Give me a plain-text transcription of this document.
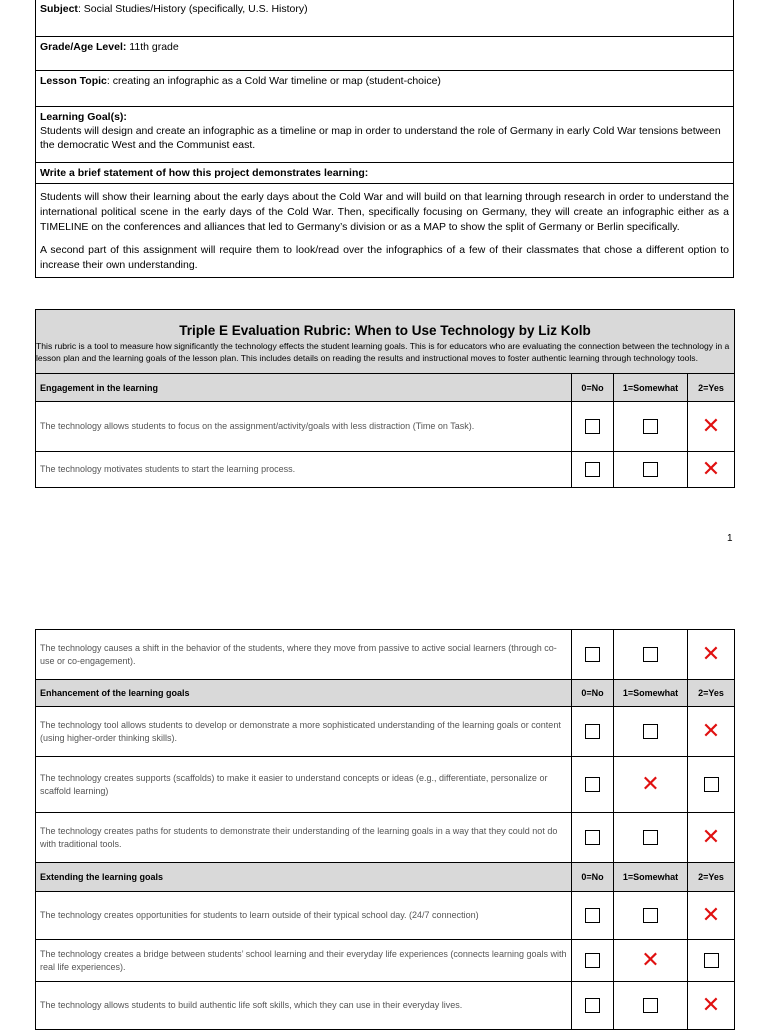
Subject: Social Studies/History (specifically, U.S. History)
Grade/Age Level: 11th grade
Lesson Topic: creating an infographic as a Cold War timeline or map (student-choice)

Learning Goal(s):

Students will design and create an infographic as a timeline or map in order to understand the role of Germany in early Cold War tensions between the democratic West and the Communist east.

Write a brief statement of how this project demonstrates learning:

Students will show their learning about the early days about the Cold War and will build on that learning through research in order to understand the international political scene in the early days of the Cold War. Then, specifically focusing on Germany, they will create an infographic either as a TIMELINE on the conferences and alliances that led to Germany’s division or as a MAP to show the split of Germany or Berlin specifically.

A second part of this assignment will require them to look/read over the infographics of a few of their classmates that chose a different option to increase their own understanding.

Triple E Evaluation Rubric: When to Use Technology by Liz Kolb
This rubric is a tool to measure how significantly the technology effects the student learning goals. This is for educators who are evaluating the connection between the technology in a lesson plan and the learning goals of the lesson plan. This includes details on reading the results and instructional moves to foster authentic learning through technology tools.			

Engagement in the learning	0=No	1=Somewhat	2=Yes
The technology allows students to focus on the assignment/activity/goals with less distraction (Time on Task).			✕
The technology motivates students to start the learning process.			✕
1
The technology causes a shift in the behavior of the students, where they move from passive to active social learners (through co-use or co-engagement).			✕
Enhancement of the learning goals	0=No	1=Somewhat	2=Yes
The technology tool allows students to develop or demonstrate a more sophisticated understanding of the learning goals or content (using higher-order thinking skills).			✕
The technology creates supports (scaffolds) to make it easier to understand concepts or ideas (e.g., differentiate, personalize or scaffold learning)		✕	
The technology creates paths for students to demonstrate their understanding of the learning goals in a way that they could not do with traditional tools.			✕
Extending the learning goals	0=No	1=Somewhat	2=Yes
The technology creates opportunities for students to learn outside of their typical school day. (24/7 connection)			✕
The technology creates a bridge between students’ school learning and their everyday life experiences (connects learning goals with real life experiences).		✕	
The technology allows students to build authentic life soft skills, which they can use in their everyday lives.			✕
